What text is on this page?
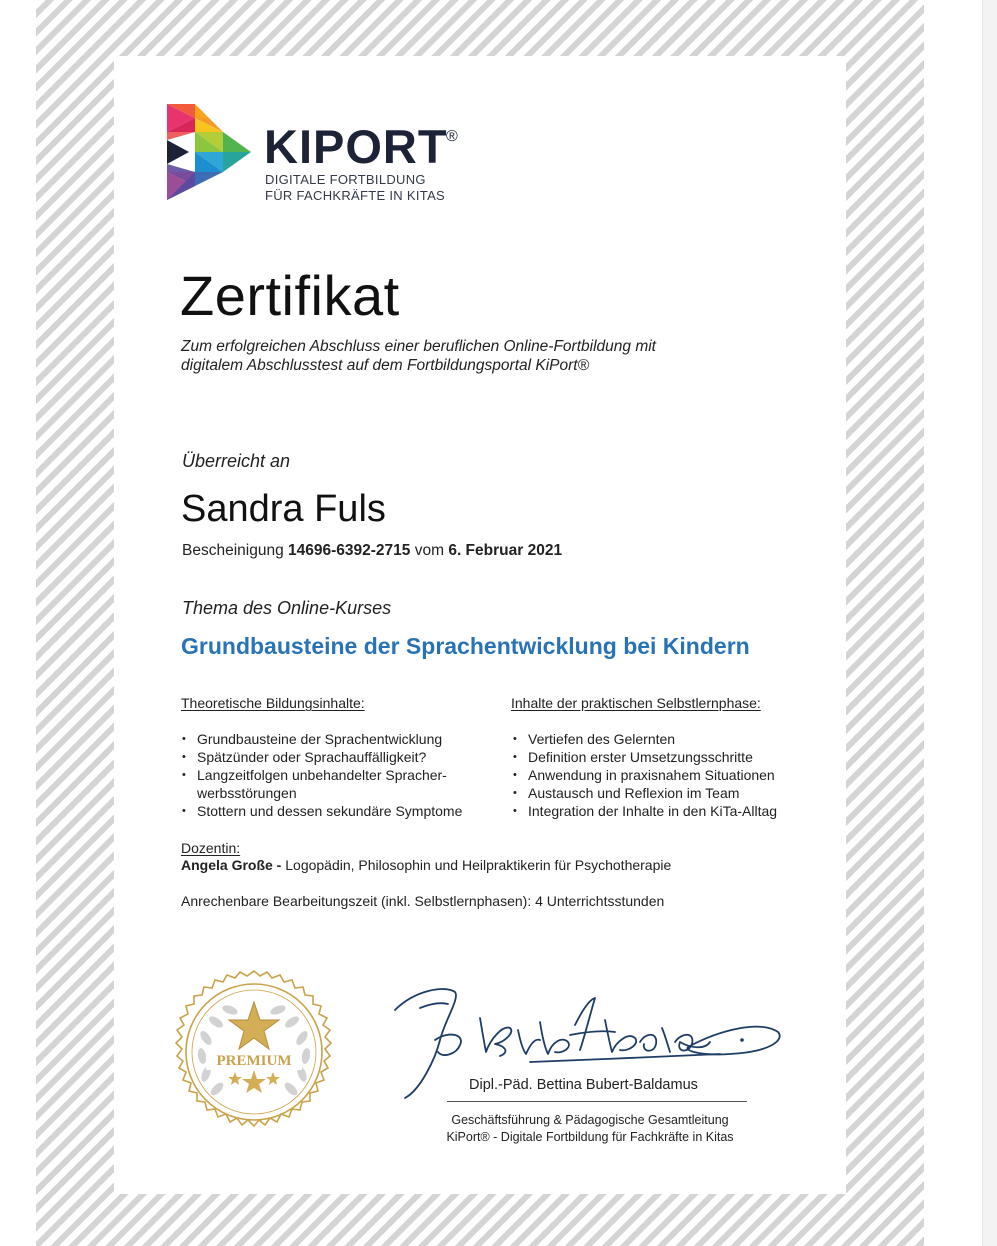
KIPORT
®
DIGITALE FORTBILDUNG
FÜR FACHKRÄFTE IN KITAS
Zertifikat
Zum erfolgreichen Abschluss einer beruflichen Online-Fortbildung mit
digitalem Abschlusstest auf dem Fortbildungsportal KiPort®
Überreicht an
Sandra Fuls
Bescheinigung 14696-6392-2715 vom 6. Februar 2021
Thema des Online-Kurses
Grundbausteine der Sprachentwicklung bei Kindern
Theoretische Bildungsinhalte:
• Grundbausteine der Sprachentwicklung
• Spätzünder oder Sprachauffälligkeit?
• Langzeitfolgen unbehandelter Spracher-
werbsstörungen
• Stottern und dessen sekundäre Symptome
Inhalte der praktischen Selbstlernphase:
• Vertiefen des Gelernten
• Definition erster Umsetzungsschritte
• Anwendung in praxisnahem Situationen
• Austausch und Reflexion im Team
• Integration der Inhalte in den KiTa-Alltag
Dozentin:
Angela Große - Logopädin, Philosophin und Heilpraktikerin für Psychotherapie
Anrechenbare Bearbeitungszeit (inkl. Selbstlernphasen): 4 Unterrichtsstunden
PREMIUM
Dipl.-Päd. Bettina Bubert-Baldamus
Geschäftsführung & Pädagogische Gesamtleitung
KiPort® - Digitale Fortbildung für Fachkräfte in Kitas
